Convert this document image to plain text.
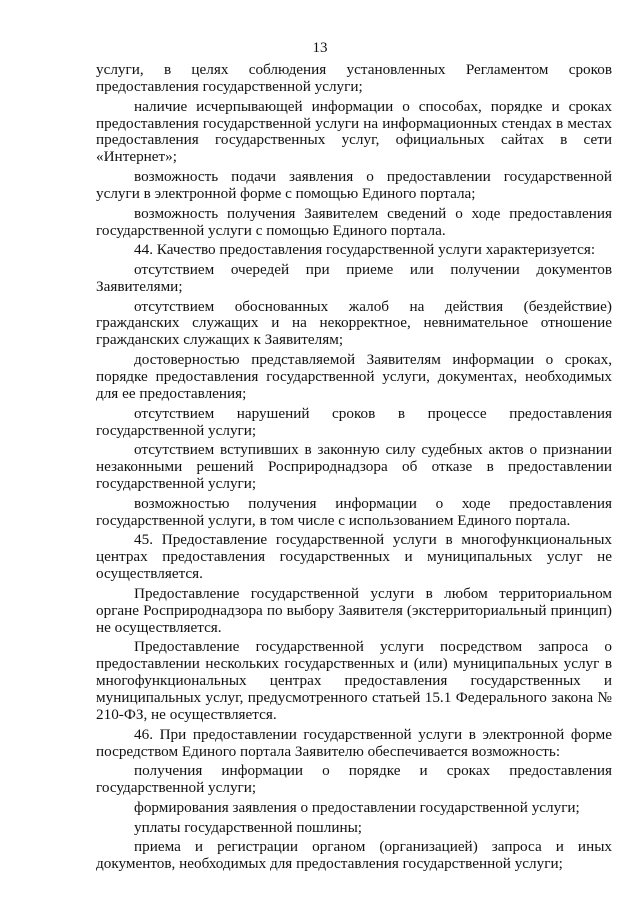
13

услуги, в целях соблюдения установленных Регламентом сроков предоставления государственной услуги;

наличие исчерпывающей информации о способах, порядке и сроках предоставления государственной услуги на информационных стендах в местах предоставления государственных услуг, официальных сайтах в сети «Интернет»;

возможность подачи заявления о предоставлении государственной услуги в электронной форме с помощью Единого портала;

возможность получения Заявителем сведений о ходе предоставления государственной услуги с помощью Единого портала.

44. Качество предоставления государственной услуги характеризуется:

отсутствием очередей при приеме или получении документов Заявителями;

отсутствием обоснованных жалоб на действия (бездействие) гражданских служащих и на некорректное, невнимательное отношение гражданских служащих к Заявителям;

достоверностью представляемой Заявителям информации о сроках, порядке предоставления государственной услуги, документах, необходимых для ее предоставления;

отсутствием нарушений сроков в процессе предоставления государственной услуги;

отсутствием вступивших в законную силу судебных актов о признании незаконными решений Росприроднадзора об отказе в предоставлении государственной услуги;

возможностью получения информации о ходе предоставления государственной услуги, в том числе с использованием Единого портала.

45. Предоставление государственной услуги в многофункциональных центрах предоставления государственных и муниципальных услуг не осуществляется.

Предоставление государственной услуги в любом территориальном органе Росприроднадзора по выбору Заявителя (экстерриториальный принцип) не осуществляется.

Предоставление государственной услуги посредством запроса о предоставлении нескольких государственных и (или) муниципальных услуг в многофункциональных центрах предоставления государственных и муниципальных услуг, предусмотренного статьей 15.1 Федерального закона № 210-ФЗ, не осуществляется.

46. При предоставлении государственной услуги в электронной форме посредством Единого портала Заявителю обеспечивается возможность:

получения информации о порядке и сроках предоставления государственной услуги;

формирования заявления о предоставлении государственной услуги;

уплаты государственной пошлины;

приема и регистрации органом (организацией) запроса и иных документов, необходимых для предоставления государственной услуги;
